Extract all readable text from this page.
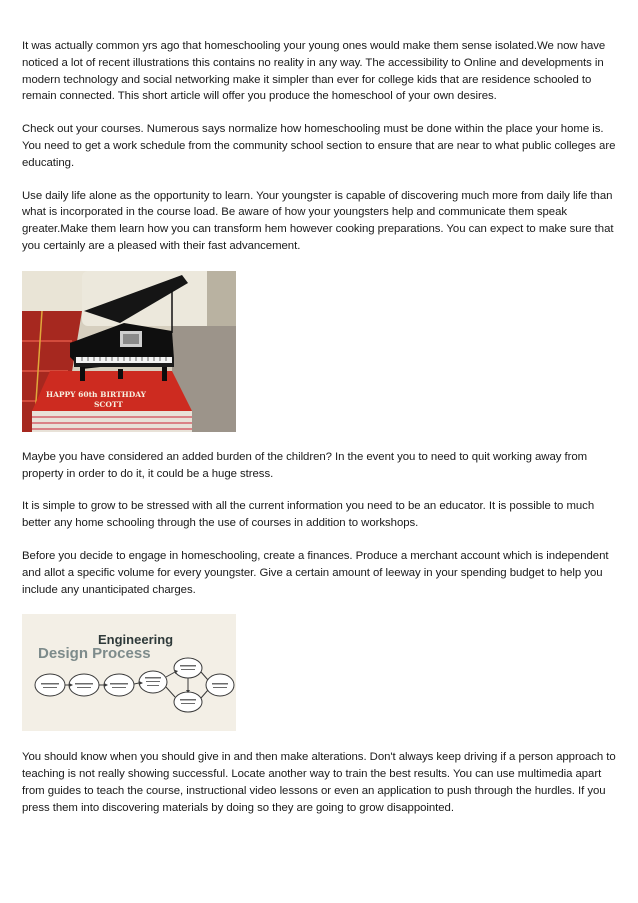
It was actually common yrs ago that homeschooling your young ones would make them sense isolated.We now have noticed a lot of recent illustrations this contains no reality in any way. The accessibility to Online and developments in modern technology and social networking make it simpler than ever for college kids that are residence schooled to remain connected. This short article will offer you produce the homeschool of your own desires.

Check out your courses. Numerous says normalize how homeschooling must be done within the place your home is. You need to get a work schedule from the community school section to ensure that are near to what public colleges are educating.

Use daily life alone as the opportunity to learn. Your youngster is capable of discovering much more from daily life than what is incorporated in the course load. Be aware of how your youngsters help and communicate them speak greater.Make them learn how you can transform hem however cooking preparations. You can expect to make sure that you certainly are a pleased with their fast advancement.

HAPPY 60th BIRTHDAY
SCOTT

Maybe you have considered an added burden of the children? In the event you to need to quit working away from property in order to do it, it could be a huge stress.

It is simple to grow to be stressed with all the current information you need to be an educator. It is possible to much better any home schooling through the use of courses in addition to workshops.

Before you decide to engage in homeschooling, create a finances. Produce a merchant account which is independent and allot a specific volume for every youngster. Give a certain amount of leeway in your spending budget to help you include any unanticipated charges.

Engineering
Design Process

You should know when you should give in and then make alterations. Don't always keep driving if a person approach to teaching is not really showing successful. Locate another way to train the best results. You can use multimedia apart from guides to teach the course, instructional video lessons or even an application to push through the hurdles. If you press them into discovering materials by doing so they are going to grow disappointed.
